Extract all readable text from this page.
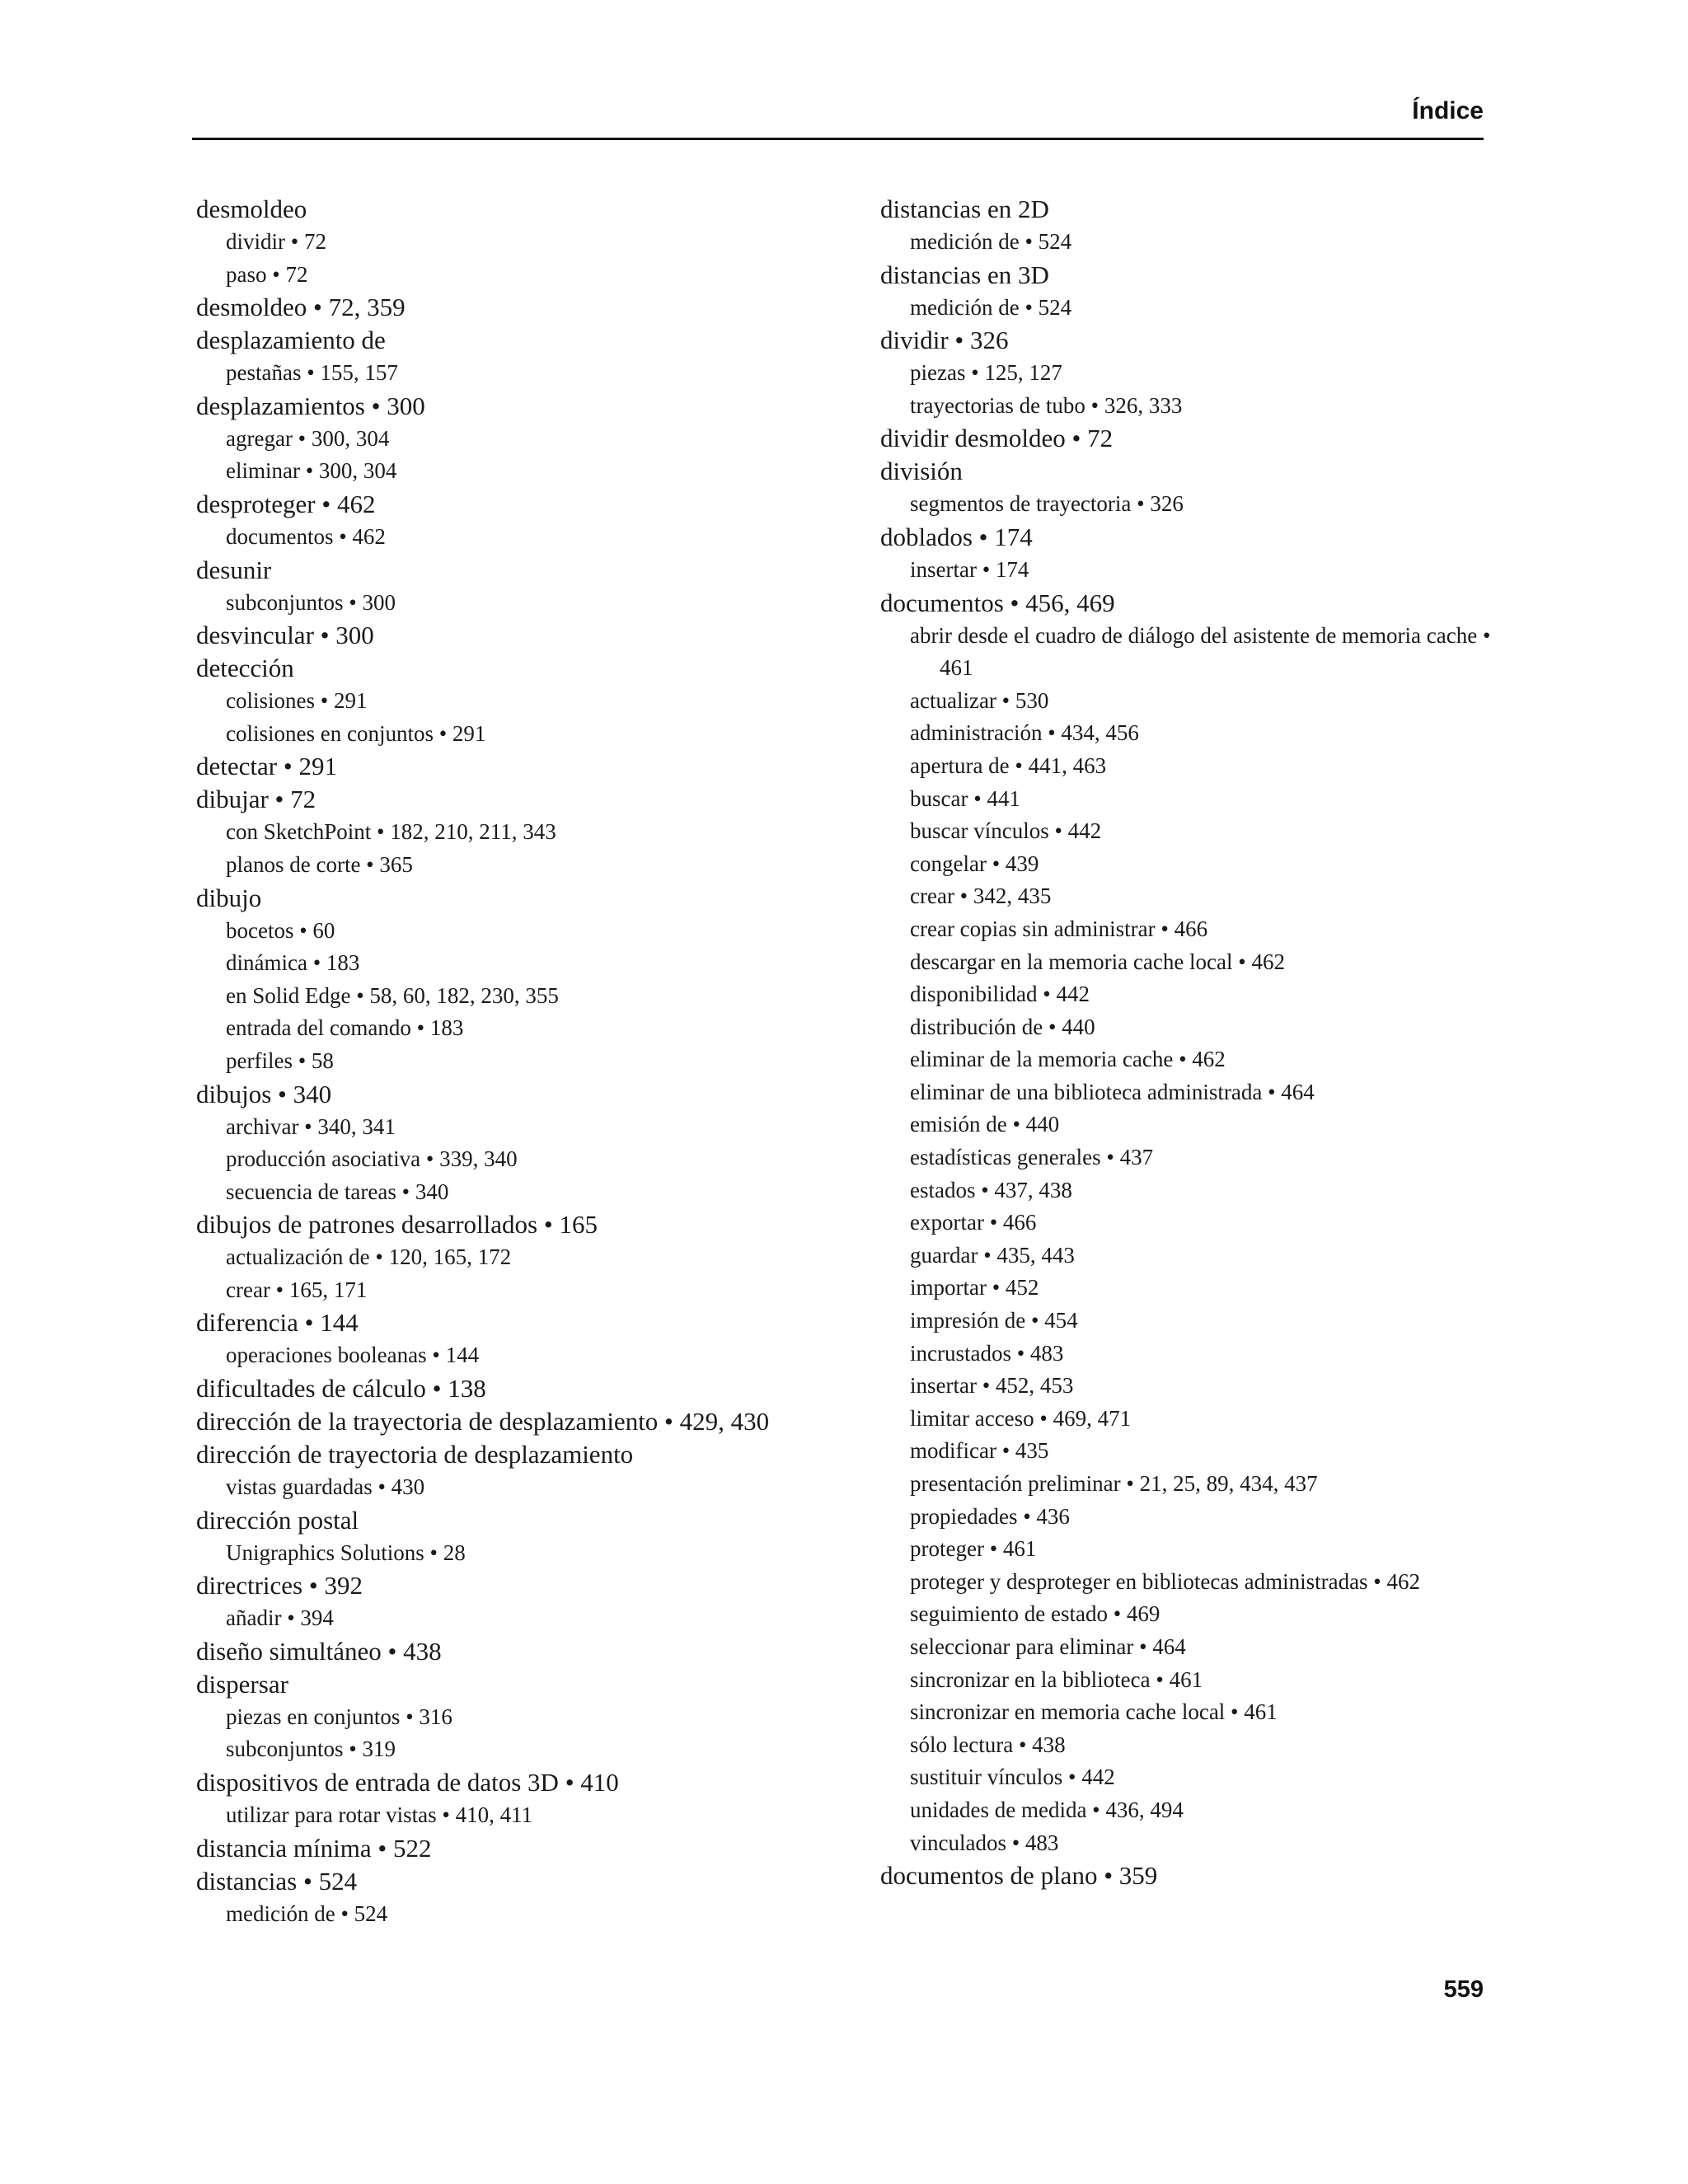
Índice

desmoldeo

dividir • 72

paso • 72

desmoldeo • 72, 359

desplazamiento de

pestañas • 155, 157

desplazamientos • 300

agregar • 300, 304

eliminar • 300, 304

desproteger • 462

documentos • 462

desunir

subconjuntos • 300

desvincular • 300

detección

colisiones • 291

colisiones en conjuntos • 291

detectar • 291

dibujar • 72

con SketchPoint • 182, 210, 211, 343

planos de corte • 365

dibujo

bocetos • 60

dinámica • 183

en Solid Edge • 58, 60, 182, 230, 355

entrada del comando • 183

perfiles • 58

dibujos • 340

archivar • 340, 341

producción asociativa • 339, 340

secuencia de tareas • 340

dibujos de patrones desarrollados • 165

actualización de • 120, 165, 172

crear • 165, 171

diferencia • 144

operaciones booleanas • 144

dificultades de cálculo • 138

dirección de la trayectoria de desplazamiento • 429, 430

dirección de trayectoria de desplazamiento

vistas guardadas • 430

dirección postal

Unigraphics Solutions • 28

directrices • 392

añadir • 394

diseño simultáneo • 438

dispersar

piezas en conjuntos • 316

subconjuntos • 319

dispositivos de entrada de datos 3D • 410

utilizar para rotar vistas • 410, 411

distancia mínima • 522

distancias • 524

medición de • 524

distancias en 2D

medición de • 524

distancias en 3D

medición de • 524

dividir • 326

piezas • 125, 127

trayectorias de tubo • 326, 333

dividir desmoldeo • 72

división

segmentos de trayectoria • 326

doblados • 174

insertar • 174

documentos • 456, 469

abrir desde el cuadro de diálogo del asistente de memoria cache • 461

actualizar • 530

administración • 434, 456

apertura de • 441, 463

buscar • 441

buscar vínculos • 442

congelar • 439

crear • 342, 435

crear copias sin administrar • 466

descargar en la memoria cache local • 462

disponibilidad • 442

distribución de • 440

eliminar de la memoria cache • 462

eliminar de una biblioteca administrada • 464

emisión de • 440

estadísticas generales • 437

estados • 437, 438

exportar • 466

guardar • 435, 443

importar • 452

impresión de • 454

incrustados • 483

insertar • 452, 453

limitar acceso • 469, 471

modificar • 435

presentación preliminar • 21, 25, 89, 434, 437

propiedades • 436

proteger • 461

proteger y desproteger en bibliotecas administradas • 462

seguimiento de estado • 469

seleccionar para eliminar • 464

sincronizar en la biblioteca • 461

sincronizar en memoria cache local • 461

sólo lectura • 438

sustituir vínculos • 442

unidades de medida • 436, 494

vinculados • 483

documentos de plano • 359

559
